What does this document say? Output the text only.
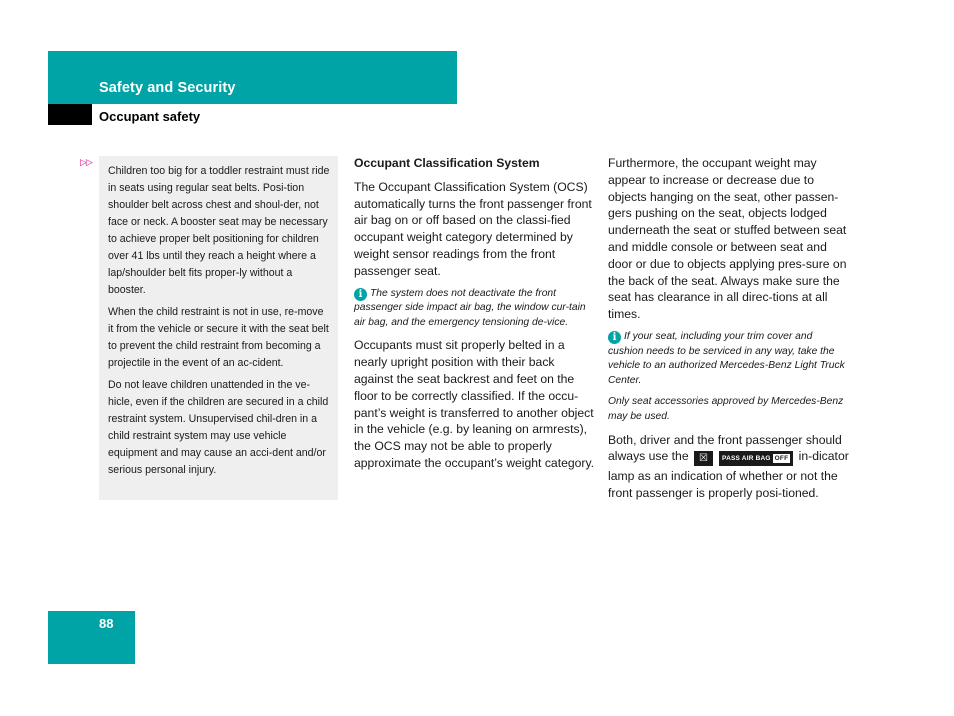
Safety and Security
Occupant safety
▷▷

Children too big for a toddler restraint must ride in seats using regular seat belts. Posi-tion shoulder belt across chest and shoul-der, not face or neck. A booster seat may be necessary to achieve proper belt positioning for children over 41 lbs until they reach a height where a lap/shoulder belt fits proper-ly without a booster.

When the child restraint is not in use, re-move it from the vehicle or secure it with the seat belt to prevent the child restraint from becoming a projectile in the event of an ac-cident.

Do not leave children unattended in the ve-hicle, even if the children are secured in a child restraint system. Unsupervised chil-dren in a child restraint system may use vehicle equipment and may cause an acci-dent and/or serious personal injury.

Occupant Classification System

The Occupant Classification System (OCS) automatically turns the front passenger front air bag on or off based on the classi-fied occupant weight category determined by weight sensor readings from the front passenger seat.

i The system does not deactivate the front passenger side impact air bag, the window cur-tain air bag, and the emergency tensioning de-vice.

Occupants must sit properly belted in a nearly upright position with their back against the seat backrest and feet on the floor to be correctly classified. If the occu-pant’s weight is transferred to another object in the vehicle (e.g. by leaning on armrests), the OCS may not be able to properly approximate the occupant’s weight category.

Furthermore, the occupant weight may appear to increase or decrease due to objects hanging on the seat, other passen-gers pushing on the seat, objects lodged underneath the seat or stuffed between seat and middle console or between seat and door or due to objects applying pres-sure on the back of the seat. Always make sure the seat has clearance in all direc-tions at all times.

i If your seat, including your trim cover and cushion needs to be serviced in any way, take the vehicle to an authorized Mercedes-Benz Light Truck Center.

Only seat accessories approved by Mercedes-Benz may be used.

Both, driver and the front passenger should always use the ☒ PASS AIR BAG OFF in-dicator lamp as an indication of whether or not the front passenger is properly posi-tioned.

88
